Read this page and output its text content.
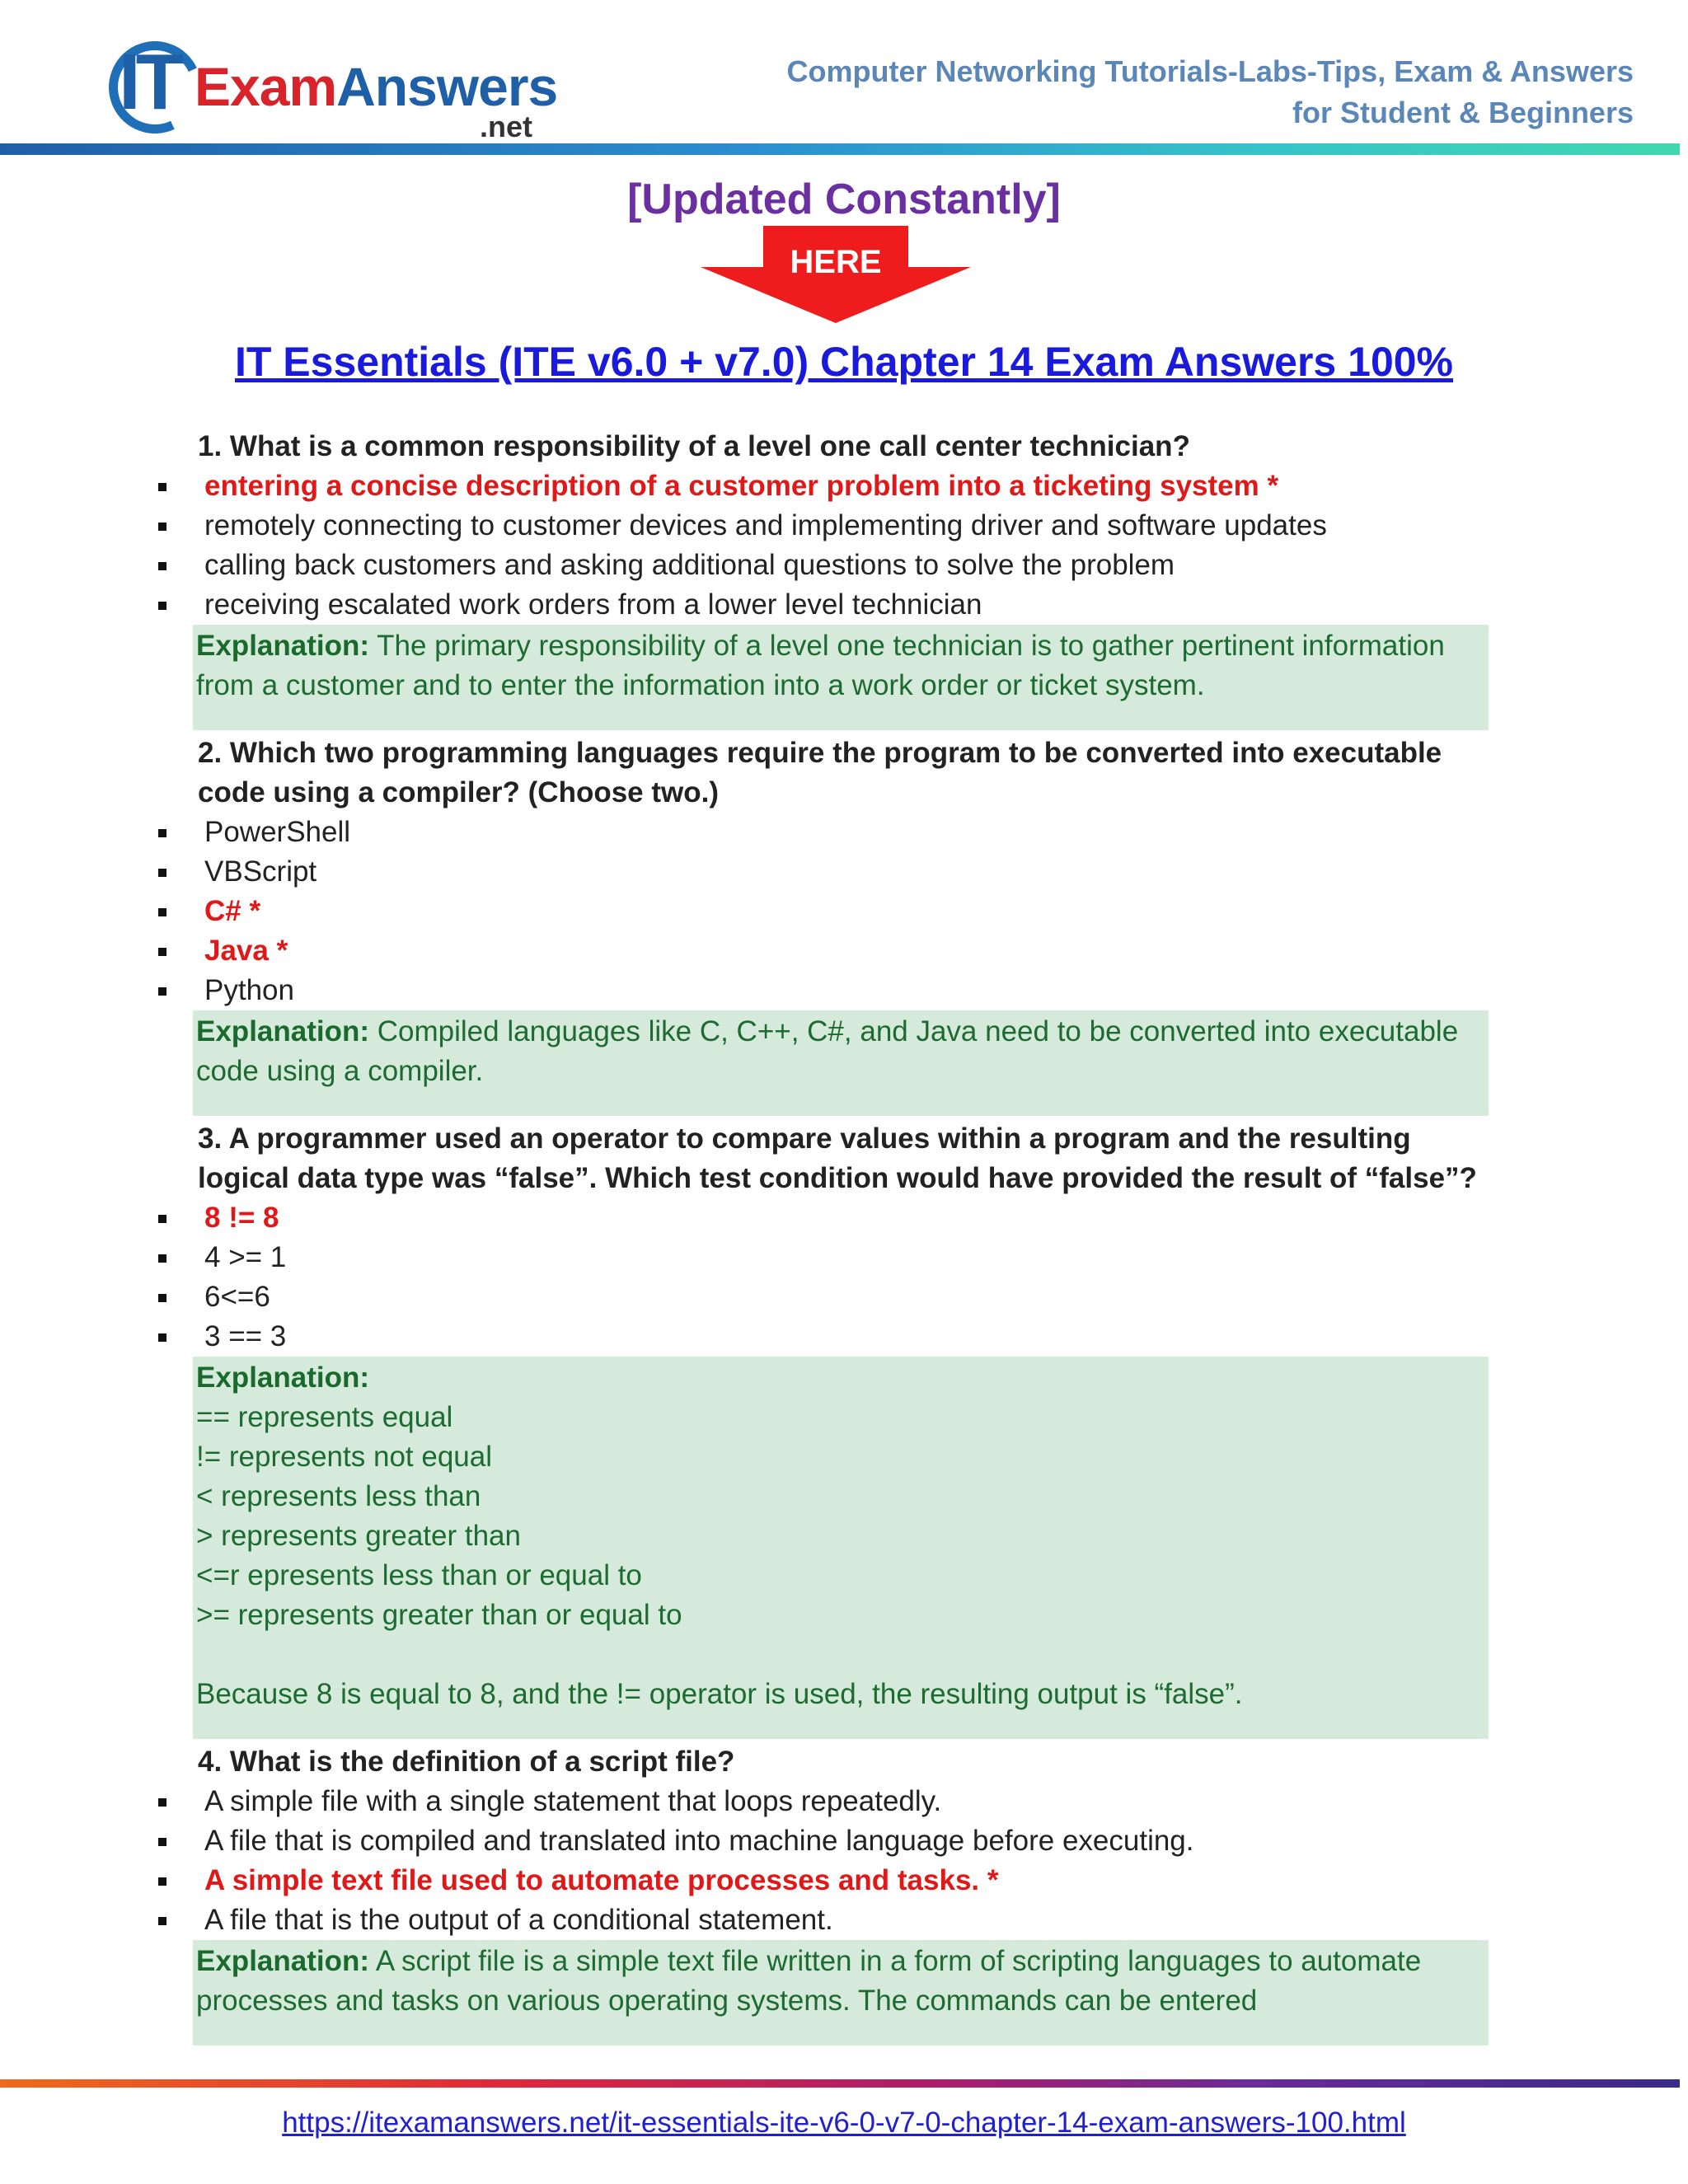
IT ExamAnswers
.net
Computer Networking Tutorials-Labs-Tips, Exam & Answers
for Student & Beginners
[Updated Constantly]
HERE
IT Essentials (ITE v6.0 + v7.0) Chapter 14 Exam Answers 100%

1. What is a common responsibility of a level one call center technician?

entering a concise description of a customer problem into a ticketing system *
remotely connecting to customer devices and implementing driver and software updates
calling back customers and asking additional questions to solve the problem
receiving escalated work orders from a lower level technician
Explanation: The primary responsibility of a level one technician is to gather pertinent information from a customer and to enter the information into a work order or ticket system.

2. Which two programming languages require the program to be converted into executable code using a compiler? (Choose two.)

PowerShell
VBScript
C# *
Java *
Python
Explanation: Compiled languages like C, C++, C#, and Java need to be converted into executable code using a compiler.

3. A programmer used an operator to compare values within a program and the resulting logical data type was “false”. Which test condition would have provided the result of “false”?

8 != 8
4 >= 1
6<=6
3 == 3
Explanation:
== represents equal
!= represents not equal
< represents less than
> represents greater than
<=r epresents less than or equal to
>= represents greater than or equal to
Because 8 is equal to 8, and the != operator is used, the resulting output is “false”.

4. What is the definition of a script file?

A simple file with a single statement that loops repeatedly.
A file that is compiled and translated into machine language before executing.
A simple text file used to automate processes and tasks. *
A file that is the output of a conditional statement.
Explanation: A script file is a simple text file written in a form of scripting languages to automate processes and tasks on various operating systems. The commands can be entered
https://itexamanswers.net/it-essentials-ite-v6-0-v7-0-chapter-14-exam-answers-100.html
